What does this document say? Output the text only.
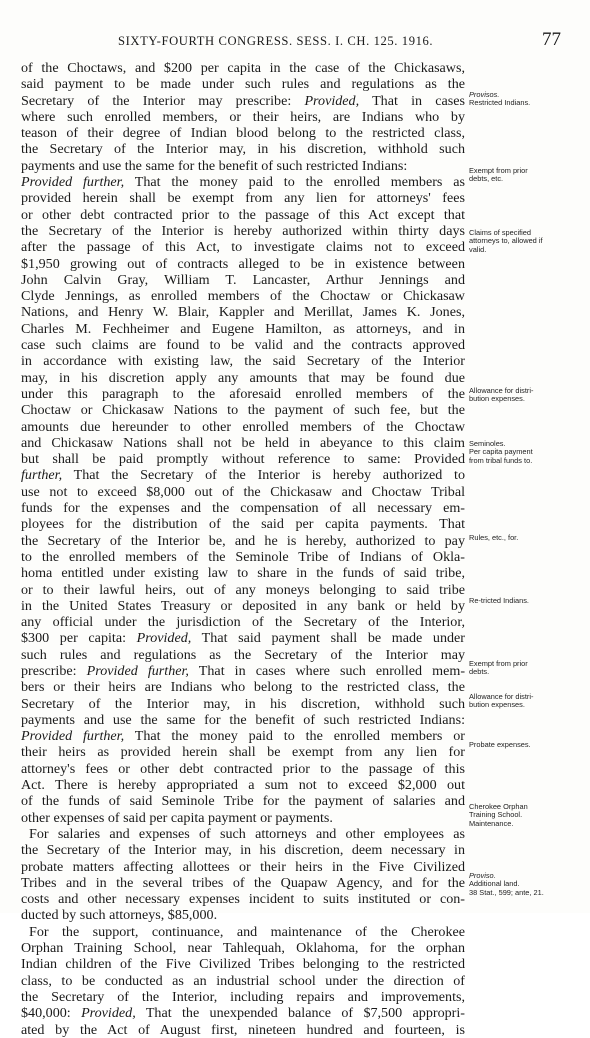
SIXTY-FOURTH CONGRESS. SESS. I. CH. 125. 1916.	77
of the Choctaws, and $200 per capita in the case of the Chickasaws,
said payment to be made under such rules and regulations as the
Secretary of the Interior may prescribe: Provided, That in cases
where such enrolled members, or their heirs, are Indians who by
teason of their degree of Indian blood belong to the restricted class,
the Secretary of the Interior may, in his discretion, withhold such
payments and use the same for the benefit of such restricted Indians:
Provided further, That the money paid to the enrolled members as
provided herein shall be exempt from any lien for attorneys' fees
or other debt contracted prior to the passage of this Act except that
the Secretary of the Interior is hereby authorized within thirty days
after the passage of this Act, to investigate claims not to exceed
$1,950 growing out of contracts alleged to be in existence between
John Calvin Gray, William T. Lancaster, Arthur Jennings and
Clyde Jennings, as enrolled members of the Choctaw or Chickasaw
Nations, and Henry W. Blair, Kappler and Merillat, James K. Jones,
Charles M. Fechheimer and Eugene Hamilton, as attorneys, and in
case such claims are found to be valid and the contracts approved
in accordance with existing law, the said Secretary of the Interior
may, in his discretion apply any amounts that may be found due
under this paragraph to the aforesaid enrolled members of the
Choctaw or Chickasaw Nations to the payment of such fee, but the
amounts due hereunder to other enrolled members of the Choctaw
and Chickasaw Nations shall not be held in abeyance to this claim
but shall be paid promptly without reference to same: Provided
further, That the Secretary of the Interior is hereby authorized to
use not to exceed $8,000 out of the Chickasaw and Choctaw Tribal
funds for the expenses and the compensation of all necessary em-
ployees for the distribution of the said per capita payments. That
the Secretary of the Interior be, and he is hereby, authorized to pay
to the enrolled members of the Seminole Tribe of Indians of Okla-
homa entitled under existing law to share in the funds of said tribe,
or to their lawful heirs, out of any moneys belonging to said tribe
in the United States Treasury or deposited in any bank or held by
any official under the jurisdiction of the Secretary of the Interior,
$300 per capita: Provided, That said payment shall be made under
such rules and regulations as the Secretary of the Interior may
prescribe: Provided further, That in cases where such enrolled mem-
bers or their heirs are Indians who belong to the restricted class, the
Secretary of the Interior may, in his discretion, withhold such
payments and use the same for the benefit of such restricted Indians:
Provided further, That the money paid to the enrolled members or
their heirs as provided herein shall be exempt from any lien for
attorney's fees or other debt contracted prior to the passage of this
Act. There is hereby appropriated a sum not to exceed $2,000 out
of the funds of said Seminole Tribe for the payment of salaries and
other expenses of said per capita payment or payments.
For salaries and expenses of such attorneys and other employees as
the Secretary of the Interior may, in his discretion, deem necessary in
probate matters affecting allottees or their heirs in the Five Civilized
Tribes and in the several tribes of the Quapaw Agency, and for the
costs and other necessary expenses incident to suits instituted or con-
ducted by such attorneys, $85,000.
For the support, continuance, and maintenance of the Cherokee
Orphan Training School, near Tahlequah, Oklahoma, for the orphan
Indian children of the Five Civilized Tribes belonging to the restricted
class, to be conducted as an industrial school under the direction of
the Secretary of the Interior, including repairs and improvements,
$40,000: Provided, That the unexpended balance of $7,500 appropri-
ated by the Act of August first, nineteen hundred and fourteen, is
Provisos.
Restricted Indians.
Exempt from prior
debts, etc.
Claims of specified
attorneys to, allowed if
valid.
Allowance for distri-
bution expenses.
Seminoles.
Per capita payment
from tribal funds to.
Rules, etc., for.
Re-tricted Indians.
Exempt from prior
debts.
Allowance for distri-
bution expenses.
Probate expenses.
Cherokee Orphan
Training School.
Maintenance.
Proviso.
Additional land.
38 Stat., 599; ante, 21.
